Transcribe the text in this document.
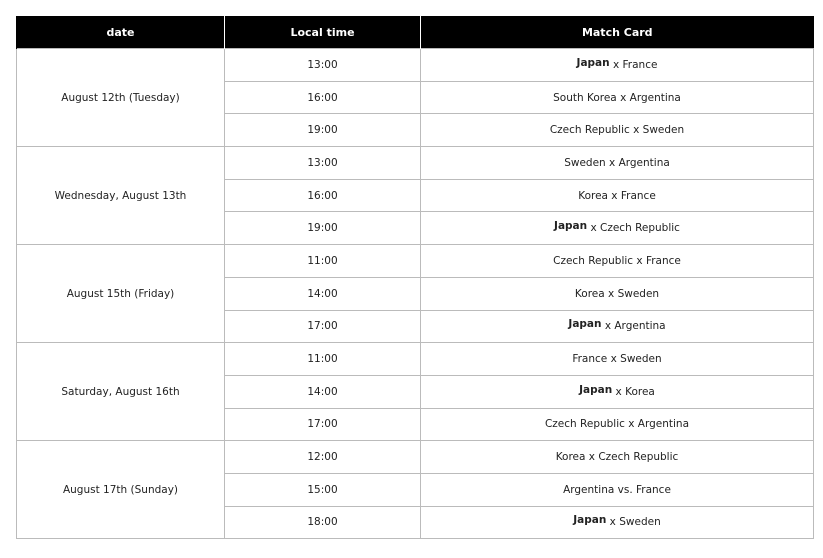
date	Local time	Match Card
August 12th (Tuesday)	13:00	Japan x France
	16:00	South Korea x Argentina
	19:00	Czech Republic x Sweden
Wednesday, August 13th	13:00	Sweden x Argentina
	16:00	Korea x France
	19:00	Japan x Czech Republic
August 15th (Friday)	11:00	Czech Republic x France
	14:00	Korea x Sweden
	17:00	Japan x Argentina
Saturday, August 16th	11:00	France x Sweden
	14:00	Japan x Korea
	17:00	Czech Republic x Argentina
August 17th (Sunday)	12:00	Korea x Czech Republic
	15:00	Argentina vs. France
	18:00	Japan x Sweden
